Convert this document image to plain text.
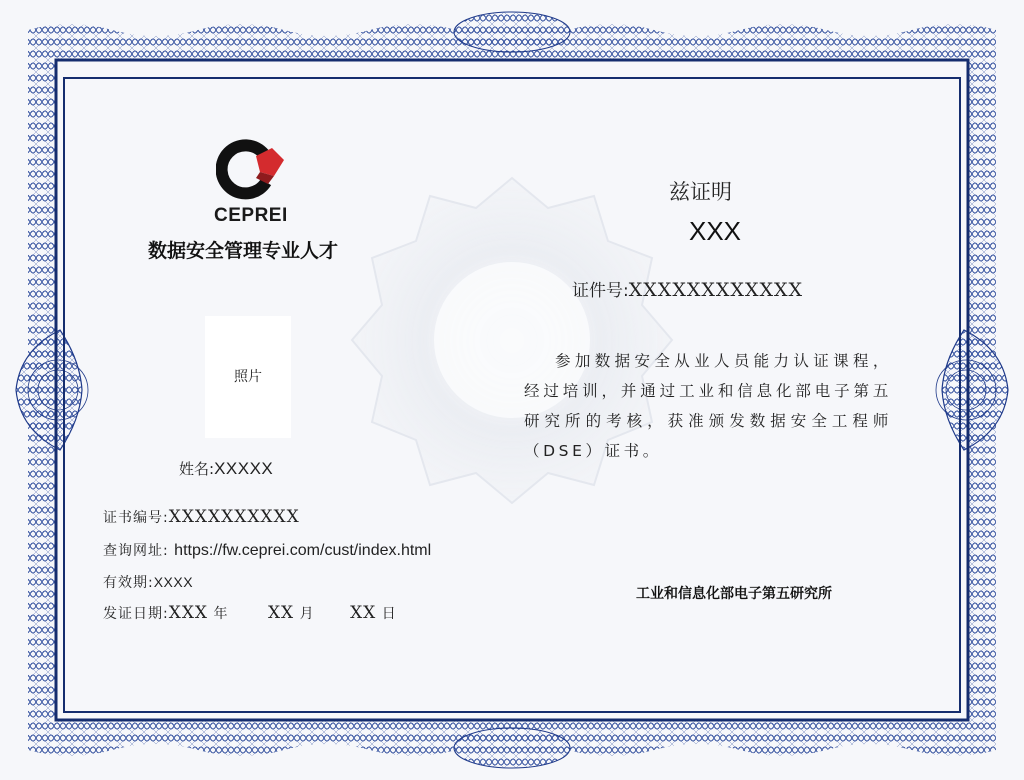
CEPREI
数据安全管理专业人才
照片
兹证明
XXX
证件号:XXXXXXXXXXXX
参加数据安全从业人员能力认证课程，经过培训，并通过工业和信息化部电子第五研究所的考核，获准颁发数据安全工程师（DSE）证书。
工业和信息化部电子第五研究所
姓名:XXXXX
证书编号:XXXXXXXXXX
查询网址: https://fw.ceprei.com/cust/index.html
有效期:XXXX
发证日期:XXX 年 XX 月 XX 日
